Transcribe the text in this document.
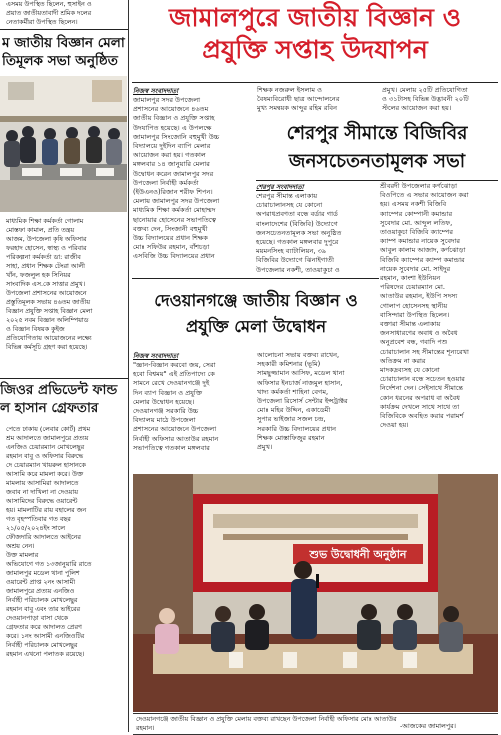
এসময় উপস্থিত ছিলেন, হুসাইন ও
প্রয়াত জাতীয়তাবাদী শ্রমিক দলের
নেতাকর্মীরা উপস্থিত ছিলেন।

ম জাতীয় বিজ্ঞান মেলা
তিমূলক সভা অনুষ্ঠিত

মাধ্যমিক শিক্ষা কর্মকর্তা গোলাম
মোস্তফা কামাল, প্রতি তন্ত্রয়
আজম, উপজেলা কৃষি অফিসার
ফরহাদ হোসেন, স্বাস্থ্য ও পরিবার
পরিকল্পনা কর্মকর্তা ডা: রাজীব
সাহা, প্রধান শিক্ষক টেংরা আলী
খাঁন, ফজলুল হক সিনিয়র
সাংবাদিক এস.কে সাত্তার প্রমুখ।
উপজেলা প্রশাসনের আয়োজনে
প্রস্তুতিমূলক সভায় ৪৬তম জাতীয়
বিজ্ঞান প্রযুক্তি সপ্তাহ বিজ্ঞান মেলা
২০২৫ নবম বিজ্ঞান অলিম্পিয়াড
ও বিজ্ঞান বিষয়ক কুইজ
প্রতিযোগিতায় আয়োজনের লক্ষ্যে
বিভিন্ন কর্মসূচি গ্রহণ করা হয়েছে।

জিওর প্রভিডেন্ট ফান্ড
ল হাসান গ্রেফতার

পেতে ঢাকায় (লেবার কোর্ট) প্রথম
শ্রম আদালতে জামালপুরে প্রত্যয়
এনজিও চেয়ারম্যান মোখলেছুর
রহমান বাবু ও অফিসার বিরুদ্ধে
দে চেয়ারম্যান খায়রুল হাসানকে
আসামি করে মামলা করে। উক্ত
মামলায় আসামিরা আদালতে
জবাব না দাখিলা না দেওয়ায়
আসামিদের বিরুদ্ধে ওয়ারেন্ট
হয়। মামলাটির রায় বহালের জন
গত বৃহস্পতিবার গত বছর
২১/০৫/২০২৪ইং সালে
ফৌজদারি আদালতে আইনের
অশ্রয় নেন।
উক্ত মামলার
অভিযোগে গত ১৩জানুয়ারি রাতে
জামালপুর মডেল থানা পুলিশ
ওয়ারেন্ট প্রাপ্ত ২নং আসামী
জামালপুরে প্রত্যয় এনজিও
নির্বাহী পরিচালক মোখলেছুর
রহমান বাবু এবং তার ভাইরের
দেওয়ানপাড়া বাসা থেকে
গ্রেফতার করে আদালত প্রেরণ
করে। ১নং আসামী এনজিওটির
নির্বাহী পরিচালক মোখলেছুর
রহমান এখনো পলাতক রয়েছে।

জামালপুরে জাতীয় বিজ্ঞান ও
প্রযুক্তি সপ্তাহ উদযাপন
নিজস্ব সংবাদদাতা

জামালপুর সদর উপজেলা
প্রশাসনের আয়োজনে ৪৬তম
জাতীয় বিজ্ঞান ও প্রযুক্তি সপ্তাহ
উদযাপিত হয়েছে। এ উপলক্ষে
জামালপুর সিংজোনি বহুমুখী উচ্চ
বিদ্যালয়ে দুইদিন ব্যাপি মেলার
আয়োজন করা হয়। গতকাল
মঙ্গলবার ১৪ জানুয়ারি মেলার
উদ্বোধন করেন জামালপুর সদর
উপজেলা নির্বাহী কর্মকর্তা
(ইউএনও)রিজান শরীফ শিপন।
মেলায় জামালপুর সদর উপজেলা
মাধ্যমিক শিক্ষা কর্মকর্তা মোহাম্মদ
ছানোয়ার হোসেনের সভাপতিত্বে
বক্তব্য দেন, সিংজানী বহুমুখী
উচ্চ বিদ্যালয়ের প্রধান শিক্ষক
মোঃ সফিউর রহমান, বাঁশচড়া
এসবিজি উচ্চ বিদ্যালয়ের প্রধান

শিক্ষক নজরুল ইসলাম ও
বৈষম্যবিরোধী ছাত্র আন্দোলনের
মুখ্য সমন্বয়ক আব্দুর রহিম রবিন

প্রমুখ। মেলায় ২৫টি প্রতিযোগিতা
ও ৩১টাসহ বিভিন্ন উদ্ভাবনী ২০টি
স্টলের আয়োজন করা হয়।

শেরপুর সীমান্তে বিজিবির
জনসচেতনতামূলক সভা
শেরপুর সংবাদদাতা

শেরপুর সীমান্ত এলাকায়
চোরাচালানসহ যে কোনো
অপরাধপ্রবণতা বন্ধে বর্ডার গার্ড
বাংলাদেশের (বিজিবি) উদ্যোগে
জনসচেতনতামূলক সভা অনুষ্ঠিত
হয়েছে। গতকাল মঙ্গলবার দুপুরে
ময়মনসিংহ ব্যাটালিয়ন, ৩৯
বিজিবির উদ্যোগে ঝিনাইগাতী
উপজেলার নকশী, তাওয়াকুচা ও

শ্রীবরদী উপজেলার কর্ণঝোড়া
বিওপিতে এ সভার আয়োজন করা
হয়। এসময় নকশী বিজিবি
ক্যাম্পের কোম্পানী কমান্ডার
সুবেদার মো. আব্দুল লতিফ,
তাওয়াকুচা বিজিবি ক্যাম্পের
ক্যাম্প কমান্ডার নায়েক সুবেদার
আবুল কালাম আজাদ, কর্ণঝোড়া
বিজিবি ক্যাম্পের ক্যাম্প কমান্ডার
নায়েক সুবেদার মো. সাইদুর
রহমান, কাংশা ইউনিয়ন
পরিষদের চেয়ারম্যান মো.
আতাউর রহমান, ইউপি সদস্য
গোলাপ হোসেনসহ স্থানীয়
বাসিন্দারা উপস্থিত ছিলেন।
বক্তারা সীমান্ত এলাকায়
জনসাধারণের অবাধ ও অবৈধ
অনুপ্রবেশ বন্ধ, গবাদি পশু
চোরাচালান সহ সীমান্তের শূন্যরেখা
অতিক্রম না করার
মাদকদ্রব্যসহ যে কোনো
চোরাচালান বন্ধে সচেতন হওয়ার
নির্দেশনা দেন। সেইসাথে সীমান্তে
কোন ধরনের অপরাধ বা অবৈধ
কার্যক্রম দেখলে সাথে সাথে তা
বিজিবিকে অবহিত করার পরামর্শ
দেওয়া হয়।

দেওয়ানগঞ্জে জাতীয় বিজ্ঞান ও
প্রযুক্তি মেলা উদ্বোধন
নিজস্ব সংবাদদাতা

"জ্ঞান-বিজ্ঞান করবো জয়, সেরা
হবো বিশ্বময়" এই প্রতিপাদ্যে কে
সামনে রেখে দেওয়ানগঞ্জে দুই
দিন ব্যাপ বিজ্ঞান ও প্রযুক্তি
মেলার উদ্বোধন হয়েছে।
দেওয়ানগঞ্জ সরকারি উচ্চ
বিদ্যালয় মাঠে উপজেলা
প্রশাসনের আয়োজনে উপজেলা
নির্বাহী অফিসার আতাউর রহমান
সভাপতিত্বে গতকাল মঙ্গলবার

আলোচনা সভায় বক্তব্য রাখেন,
সহকারী কমিশনার (ভূমি)
সামছুজ্জামান আসিফ, মডেল থানা
অফিসার ইনচার্জ নাজমুল হাসান,
খাদ্য কর্মকর্তা শাহিনা বেগম,
উপজেলা রিসোর্স সেন্টার ইন্সট্রাক্টর
মোঃ মহির উদ্দিন, একাডেমী
সুপার ভাইজার সজল চন্দ্র,
সরকারি উচ্চ বিদ্যালয়ের প্রধান
শিক্ষক মোস্তাফিজুর রহমান
প্রমুখ।

শুভ উদ্বোধনী অনুষ্ঠান
দেওয়ানগঞ্জে জাতীয় বিজ্ঞান ও প্রযুক্তি মেলায় বক্তব্য রাখছেন উপজেলা নির্বাহী অফিসার মোঃ আতাউর
রহমান।	-আজকের জামালপুর।
